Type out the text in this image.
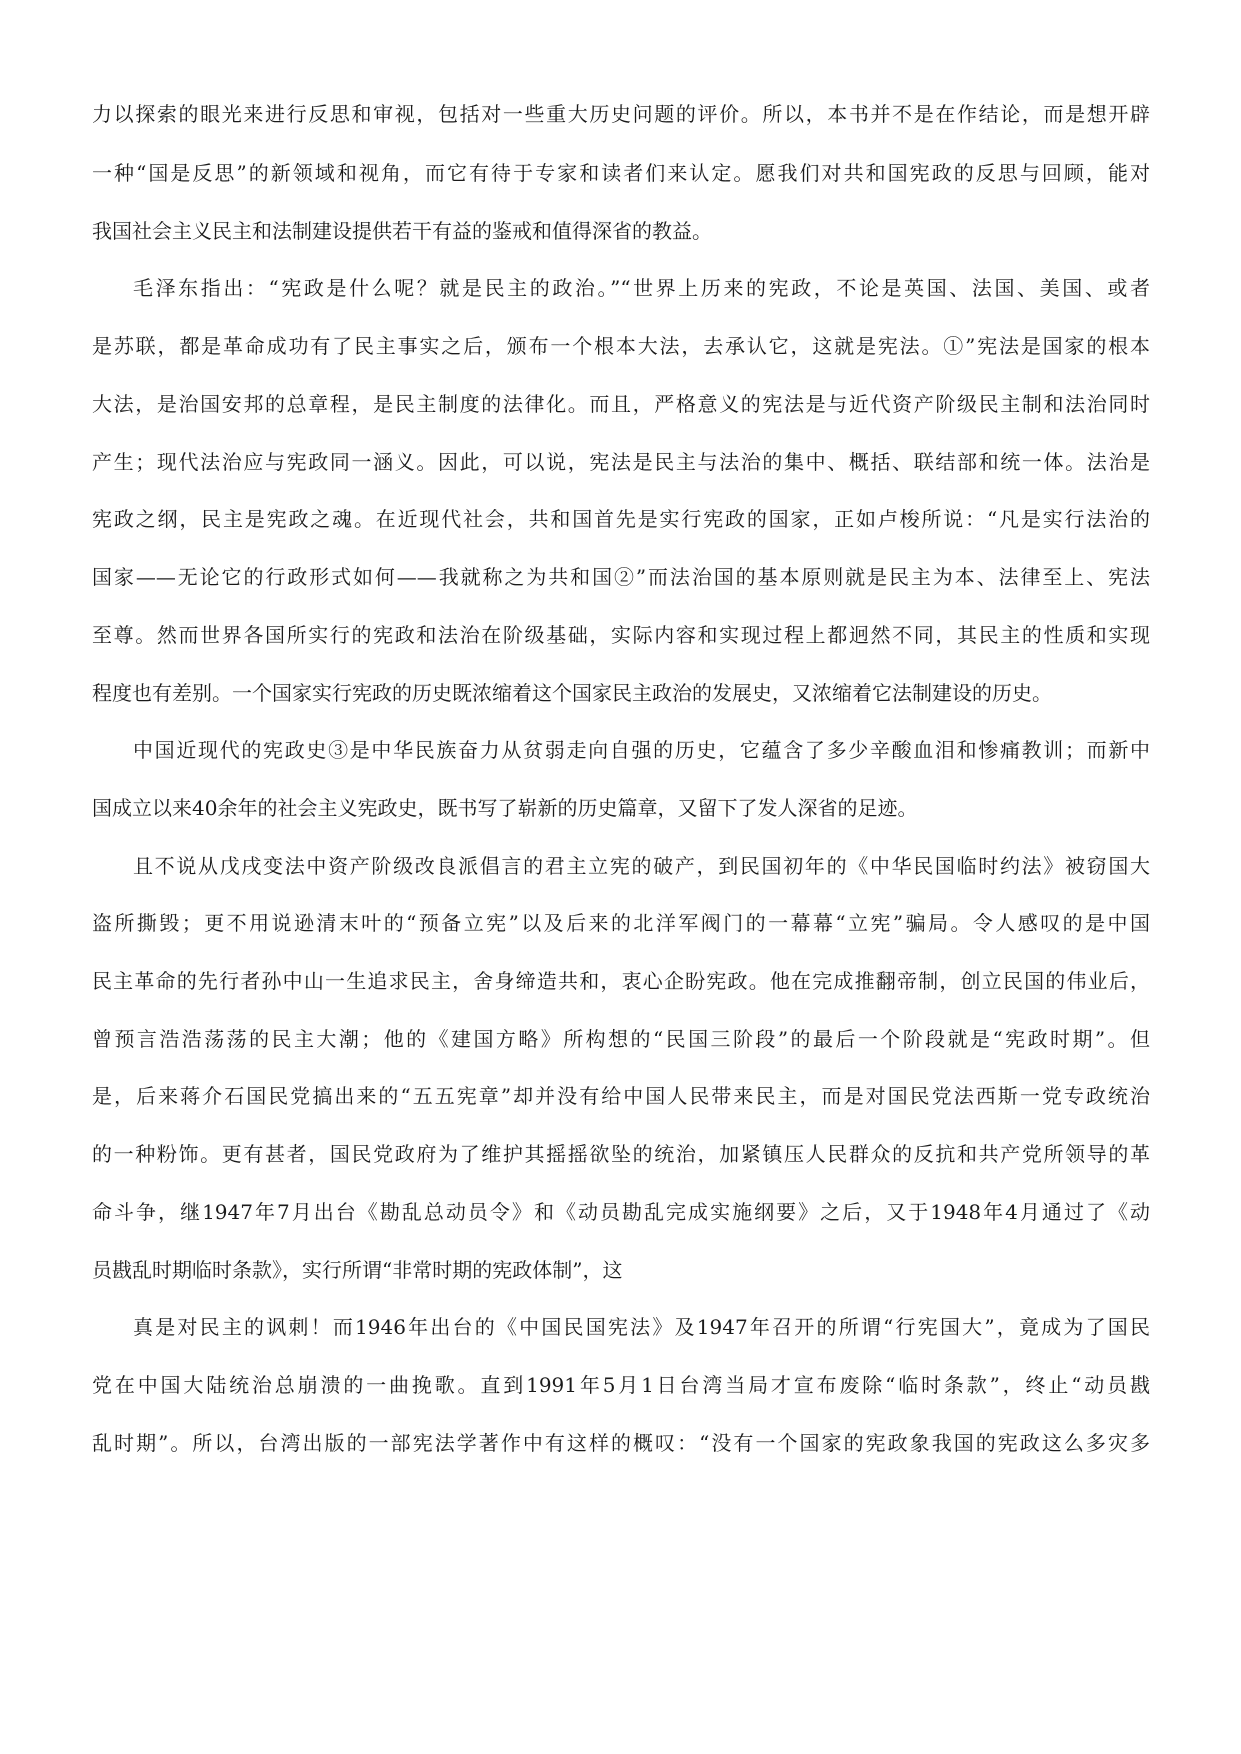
力以探索的眼光来进行反思和审视，包括对一些重大历史问题的评价。所以，本书并不是在作结论，而是想开辟
一种“国是反思”的新领域和视角，而它有待于专家和读者们来认定。愿我们对共和国宪政的反思与回顾，能对
我国社会主义民主和法制建设提供若干有益的鉴戒和值得深省的教益。
毛泽东指出：“宪政是什么呢？就是民主的政治。”“世界上历来的宪政，不论是英国、法国、美国、或者
是苏联，都是革命成功有了民主事实之后，颁布一个根本大法，去承认它，这就是宪法。①”宪法是国家的根本
大法，是治国安邦的总章程，是民主制度的法律化。而且，严格意义的宪法是与近代资产阶级民主制和法治同时
产生；现代法治应与宪政同一涵义。因此，可以说，宪法是民主与法治的集中、概括、联结部和统一体。法治是
宪政之纲，民主是宪政之魂。在近现代社会，共和国首先是实行宪政的国家，正如卢梭所说：“凡是实行法治的
国家——无论它的行政形式如何——我就称之为共和国②”而法治国的基本原则就是民主为本、法律至上、宪法
至尊。然而世界各国所实行的宪政和法治在阶级基础，实际内容和实现过程上都迥然不同，其民主的性质和实现
程度也有差别。一个国家实行宪政的历史既浓缩着这个国家民主政治的发展史，又浓缩着它法制建设的历史。
中国近现代的宪政史③是中华民族奋力从贫弱走向自强的历史，它蕴含了多少辛酸血泪和惨痛教训；而新中
国成立以来40余年的社会主义宪政史，既书写了崭新的历史篇章，又留下了发人深省的足迹。
且不说从戊戌变法中资产阶级改良派倡言的君主立宪的破产，到民国初年的《中华民国临时约法》被窃国大
盗所撕毁；更不用说逊清末叶的“预备立宪”以及后来的北洋军阀门的一幕幕“立宪”骗局。令人感叹的是中国
民主革命的先行者孙中山一生追求民主，舍身缔造共和，衷心企盼宪政。他在完成推翻帝制，创立民国的伟业后，
曾预言浩浩荡荡的民主大潮；他的《建国方略》所构想的“民国三阶段”的最后一个阶段就是“宪政时期”。但
是，后来蒋介石国民党搞出来的“五五宪章”却并没有给中国人民带来民主，而是对国民党法西斯一党专政统治
的一种粉饰。更有甚者，国民党政府为了维护其摇摇欲坠的统治，加紧镇压人民群众的反抗和共产党所领导的革
命斗争，继1947年7月出台《勘乱总动员令》和《动员勘乱完成实施纲要》之后，又于1948年4月通过了《动
员戡乱时期临时条款》，实行所谓“非常时期的宪政体制”，这
真是对民主的讽刺！而1946年出台的《中国民国宪法》及1947年召开的所谓“行宪国大”，竟成为了国民
党在中国大陆统治总崩溃的一曲挽歌。直到1991年5月1日台湾当局才宣布废除“临时条款”，终止“动员戡
乱时期”。所以，台湾出版的一部宪法学著作中有这样的概叹：“没有一个国家的宪政象我国的宪政这么多灾多
